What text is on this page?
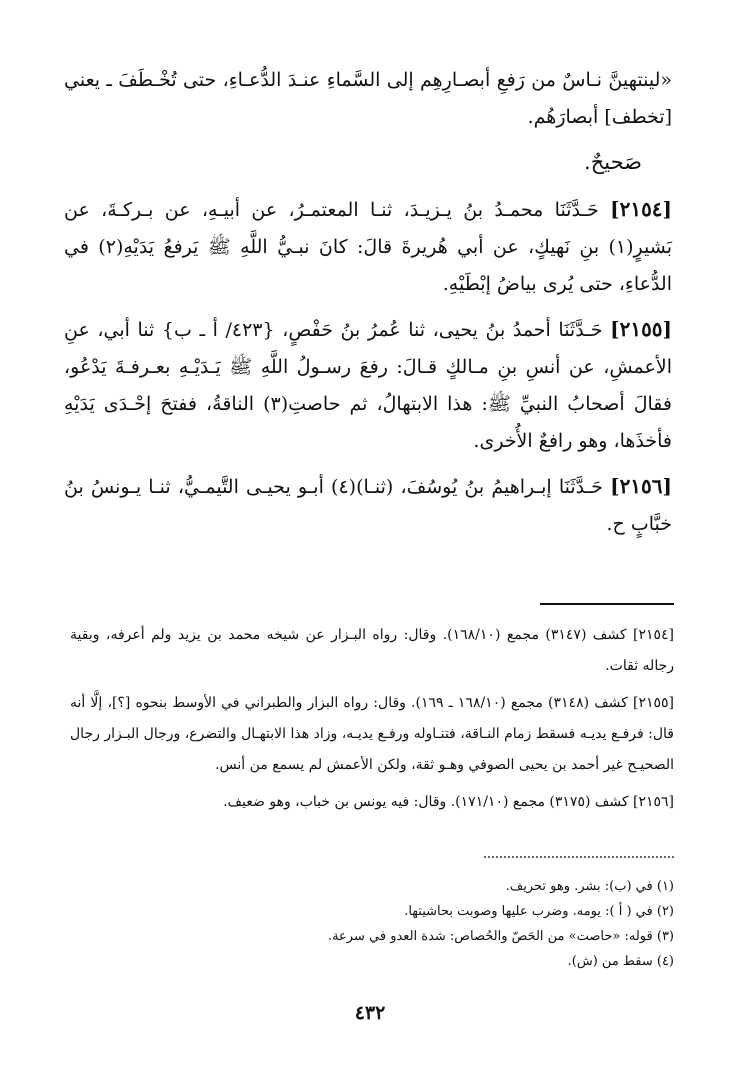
«لينتهينَّ نـاسٌ من رَفعِ أبصـارِهِم إلى السَّماءِ عنـدَ الدُّعـاءِ، حتى تُخْـطَفَ ـ يعني [تخطف] أبصارَهُم.

صَحيحٌ.

[٢١٥٤] حَـدَّثَنَا محمـدُ بنُ يـزيـدَ، ثنـا المعتمـرُ، عن أبيـهِ، عن بـركـةَ، عن بَشيرٍ(١) بنِ نَهيكٍ، عن أبي هُريرةَ قالَ: كانَ نبـيُّ اللَّهِ ﷺ يَرفعُ يَدَيْهِ(٢) في الدُّعاءِ، حتى يُرى بياضُ إبْطَيْهِ.

[٢١٥٥] حَـدَّثَنَا أحمدُ بنُ يحيى، ثنا عُمرُ بنُ حَفْصٍ، {٤٢٣/ أ ـ ب} ثنا أبي، عنِ الأعمشِ، عن أنسِ بنِ مـالكٍ قـالَ: رفعَ رسـولُ اللَّهِ ﷺ يَـدَيْـهِ بعـرفـةَ يَدْعُو، فقالَ أصحابُ النبيِّ ﷺ: هذا الابتهالُ، ثم حاصتِ(٣) الناقةُ، ففتحَ إحْـدَى يَدَيْهِ فأخذَها، وهو رافعٌ الأُخرى.

[٢١٥٦] حَـدَّثَنَا إبـراهيمُ بنُ يُوسُفَ، (ثنـا)(٤) أبـو يحيـى التَّيمـيُّ، ثنـا يـونسُ بنُ خبَّابٍ ح.

[٢١٥٤] كشف (٣١٤٧) مجمع (١٦٨/١٠). وقال: رواه البـزار عن شيخه محمد بن يزيد ولم أعرفه، وبقية رجاله ثقات.

[٢١٥٥] كشف (٣١٤٨) مجمع (١٦٨/١٠ ـ ١٦٩). وقال: رواه البزار والطبراني في الأوسط بنحوه [؟]، إلَّا أنه قال: فرفـع يديـه فسقط زمام النـاقة، فتنـاوله ورفـع يديـه، وزاد هذا الابتهـال والتضرع، ورجال البـزار رجال الصحيـح غير أحمد بن يحيى الصوفي وهـو ثقة، ولكن الأعمش لم يسمع من أنس.

[٢١٥٦] كشف (٣١٧٥) مجمع (١٧١/١٠). وقال: فيه يونس بن خباب، وهو ضعيف.

(١) في (ب): بشر. وهو تحريف.
(٢) في ( أ ): يومه. وضرب عليها وصوبت بحاشيتها.
(٣) قوله: «حاصت» من الحَصّ والحُصاص: شدة العدو في سرعة.
(٤) سقط من (ش).
٤٣٢
